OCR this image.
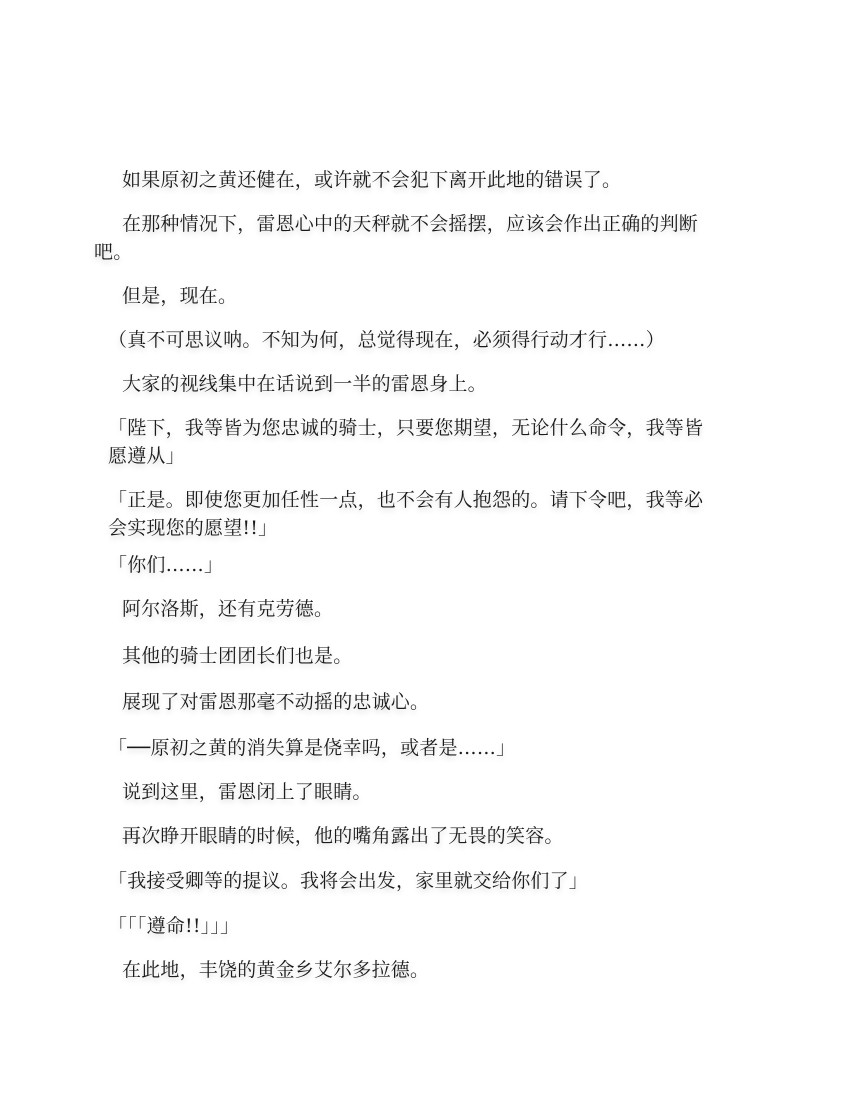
如果原初之黄还健在，或许就不会犯下离开此地的错误了。

在那种情况下，雷恩心中的天秤就不会摇摆，应该会作出正确的判断
吧。

但是，现在。

（真不可思议呐。不知为何，总觉得现在，必须得行动才行……）

大家的视线集中在话说到一半的雷恩身上。

「陛下，我等皆为您忠诚的骑士，只要您期望，无论什么命令，我等皆
愿遵从」

「正是。即使您更加任性一点，也不会有人抱怨的。请下令吧，我等必
会实现您的愿望!!」

「你们……」

阿尔洛斯，还有克劳德。

其他的骑士团团长们也是。

展现了对雷恩那毫不动摇的忠诚心。

「──原初之黄的消失算是侥幸吗，或者是……」

说到这里，雷恩闭上了眼睛。

再次睁开眼睛的时候，他的嘴角露出了无畏的笑容。

「我接受卿等的提议。我将会出发，家里就交给你们了」

「「「遵命!!」」」

在此地，丰饶的黄金乡艾尔多拉德。
